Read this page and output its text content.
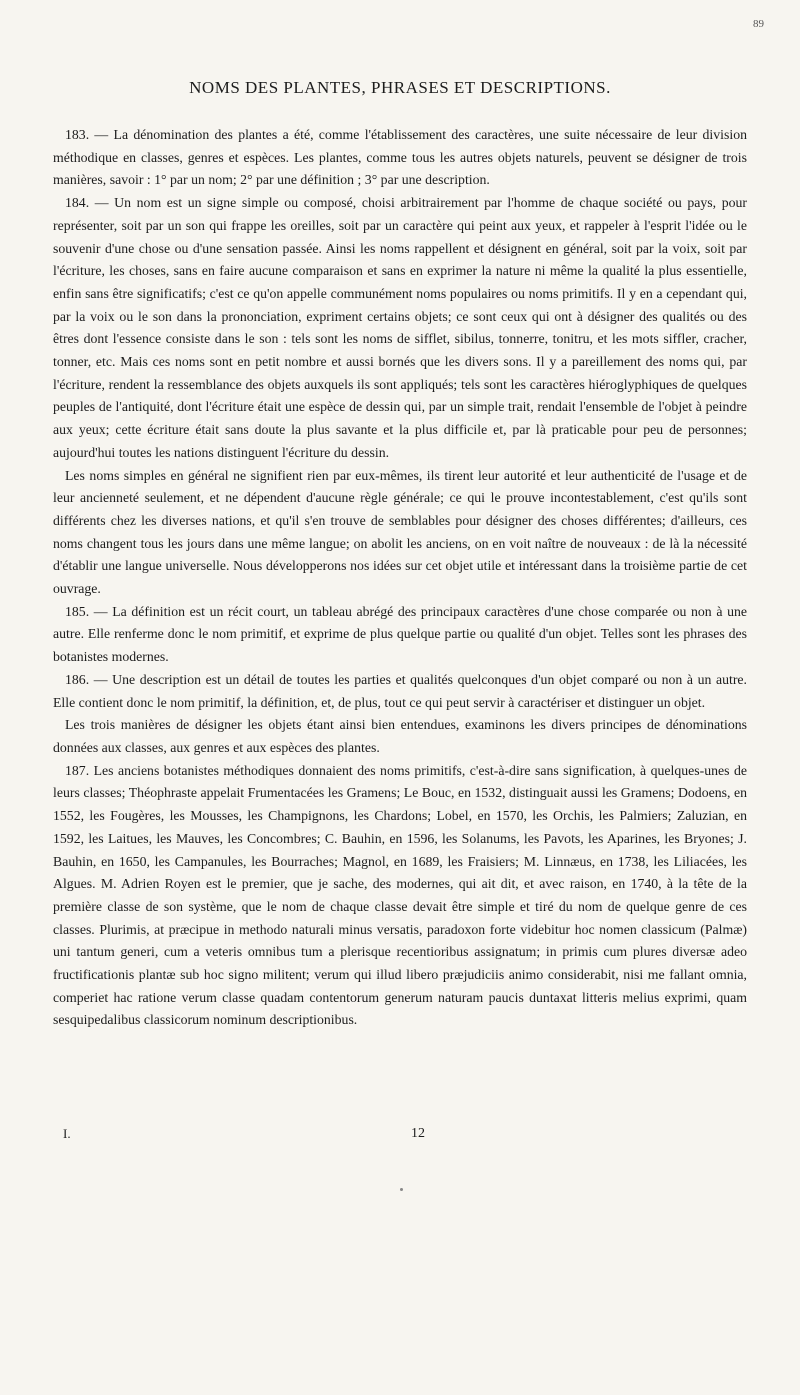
89
NOMS DES PLANTES, PHRASES ET DESCRIPTIONS.

183. — La dénomination des plantes a été, comme l'établissement des caractères, une suite nécessaire de leur division méthodique en classes, genres et espèces. Les plantes, comme tous les autres objets naturels, peuvent se désigner de trois manières, savoir : 1° par un nom; 2° par une définition ; 3° par une description.

184. — Un nom est un signe simple ou composé, choisi arbitrairement par l'homme de chaque société ou pays, pour représenter, soit par un son qui frappe les oreilles, soit par un caractère qui peint aux yeux, et rappeler à l'esprit l'idée ou le souvenir d'une chose ou d'une sensation passée. Ainsi les noms rappellent et désignent en général, soit par la voix, soit par l'écriture, les choses, sans en faire aucune comparaison et sans en exprimer la nature ni même la qualité la plus essentielle, enfin sans être significatifs; c'est ce qu'on appelle communément noms populaires ou noms primitifs. Il y en a cependant qui, par la voix ou le son dans la prononciation, expriment certains objets; ce sont ceux qui ont à désigner des qualités ou des êtres dont l'essence consiste dans le son : tels sont les noms de sifflet, sibilus, tonnerre, tonitru, et les mots siffler, cracher, tonner, etc. Mais ces noms sont en petit nombre et aussi bornés que les divers sons. Il y a pareillement des noms qui, par l'écriture, rendent la ressemblance des objets auxquels ils sont appliqués; tels sont les caractères hiéroglyphiques de quelques peuples de l'antiquité, dont l'écriture était une espèce de dessin qui, par un simple trait, rendait l'ensemble de l'objet à peindre aux yeux; cette écriture était sans doute la plus savante et la plus difficile et, par là praticable pour peu de personnes; aujourd'hui toutes les nations distinguent l'écriture du dessin.

Les noms simples en général ne signifient rien par eux-mêmes, ils tirent leur autorité et leur authenticité de l'usage et de leur ancienneté seulement, et ne dépendent d'aucune règle générale; ce qui le prouve incontestablement, c'est qu'ils sont différents chez les diverses nations, et qu'il s'en trouve de semblables pour désigner des choses différentes; d'ailleurs, ces noms changent tous les jours dans une même langue; on abolit les anciens, on en voit naître de nouveaux : de là la nécessité d'établir une langue universelle. Nous développerons nos idées sur cet objet utile et intéressant dans la troisième partie de cet ouvrage.

185. — La définition est un récit court, un tableau abrégé des principaux caractères d'une chose comparée ou non à une autre. Elle renferme donc le nom primitif, et exprime de plus quelque partie ou qualité d'un objet. Telles sont les phrases des botanistes modernes.

186. — Une description est un détail de toutes les parties et qualités quelconques d'un objet comparé ou non à un autre. Elle contient donc le nom primitif, la définition, et, de plus, tout ce qui peut servir à caractériser et distinguer un objet.

Les trois manières de désigner les objets étant ainsi bien entendues, examinons les divers principes de dénominations données aux classes, aux genres et aux espèces des plantes.

187. Les anciens botanistes méthodiques donnaient des noms primitifs, c'est-à-dire sans signification, à quelques-unes de leurs classes; Théophraste appelait Frumentacées les Gramens; Le Bouc, en 1532, distinguait aussi les Gramens; Dodoens, en 1552, les Fougères, les Mousses, les Champignons, les Chardons; Lobel, en 1570, les Orchis, les Palmiers; Zaluzian, en 1592, les Laitues, les Mauves, les Concombres; C. Bauhin, en 1596, les Solanums, les Pavots, les Aparines, les Bryones; J. Bauhin, en 1650, les Campanules, les Bourraches; Magnol, en 1689, les Fraisiers; M. Linnæus, en 1738, les Liliacées, les Algues. M. Adrien Royen est le premier, que je sache, des modernes, qui ait dit, et avec raison, en 1740, à la tête de la première classe de son système, que le nom de chaque classe devait être simple et tiré du nom de quelque genre de ces classes. Plurimis, at præcipue in methodo naturali minus versatis, paradoxon forte videbitur hoc nomen classicum (Palmæ) uni tantum generi, cum a veteris omnibus tum a plerisque recentioribus assignatum; in primis cum plures diversæ adeo fructificationis plantæ sub hoc signo militent; verum qui illud libero præjudiciis animo considerabit, nisi me fallant omnia, comperiet hac ratione verum classe quadam contentorum generum naturam paucis duntaxat litteris melius exprimi, quam sesquipedalibus classicorum nominum descriptionibus.

I.	12
